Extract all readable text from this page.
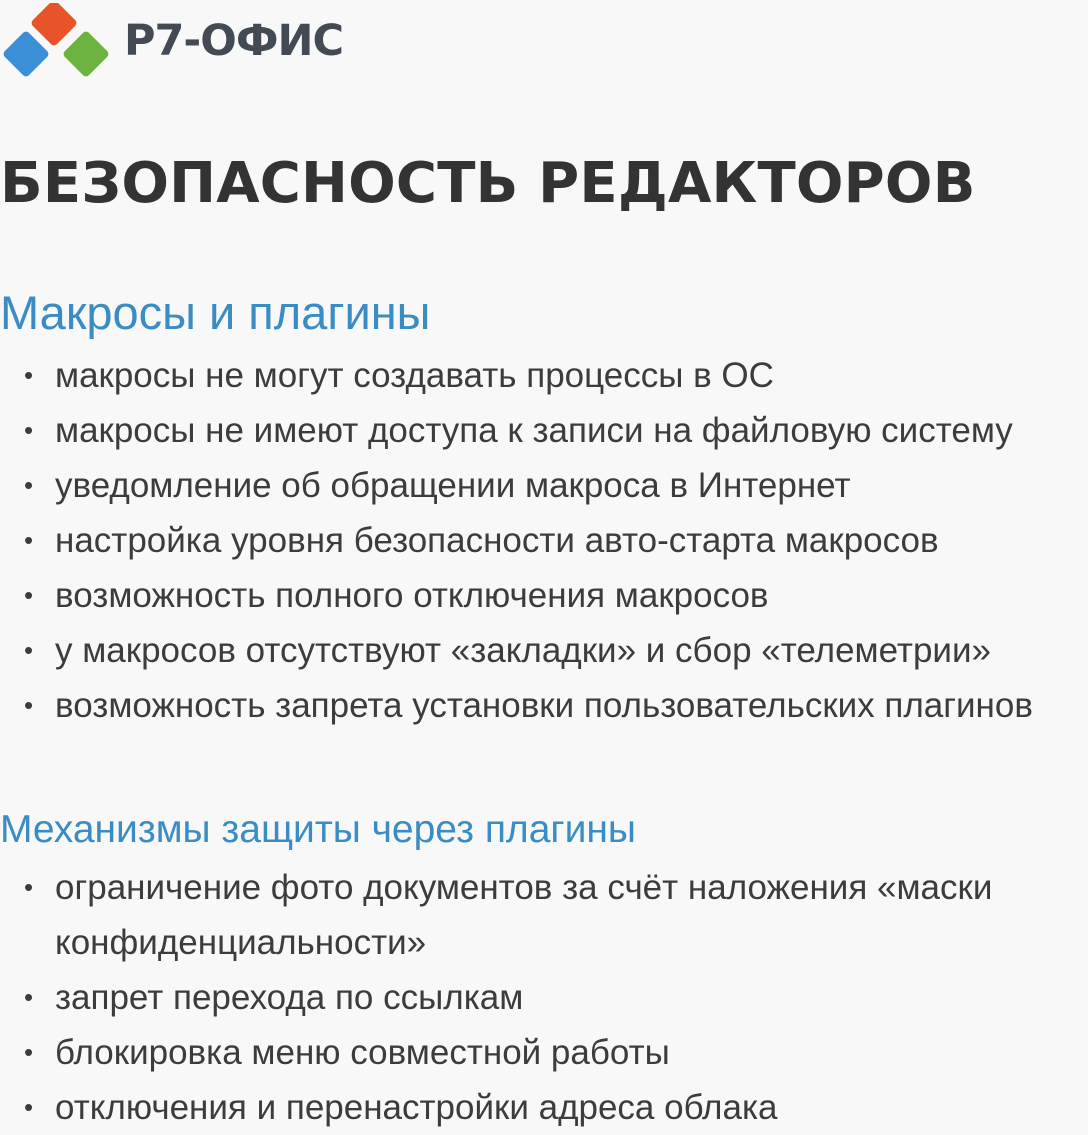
Р7-ОФИС
БЕЗОПАСНОСТЬ РЕДАКТОРОВ
Макросы и плагины
• макросы не могут создавать процессы в ОС
• макросы не имеют доступа к записи на файловую систему
• уведомление об обращении макроса в Интернет
• настройка уровня безопасности авто-старта макросов
• возможность полного отключения макросов
• у макросов отсутствуют «закладки» и сбор «телеметрии»
• возможность запрета установки пользовательских плагинов
Механизмы защиты через плагины
• ограничение фото документов за счёт наложения «маски
конфиденциальности»
• запрет перехода по ссылкам
• блокировка меню совместной работы
• отключения и перенастройки адреса облака
